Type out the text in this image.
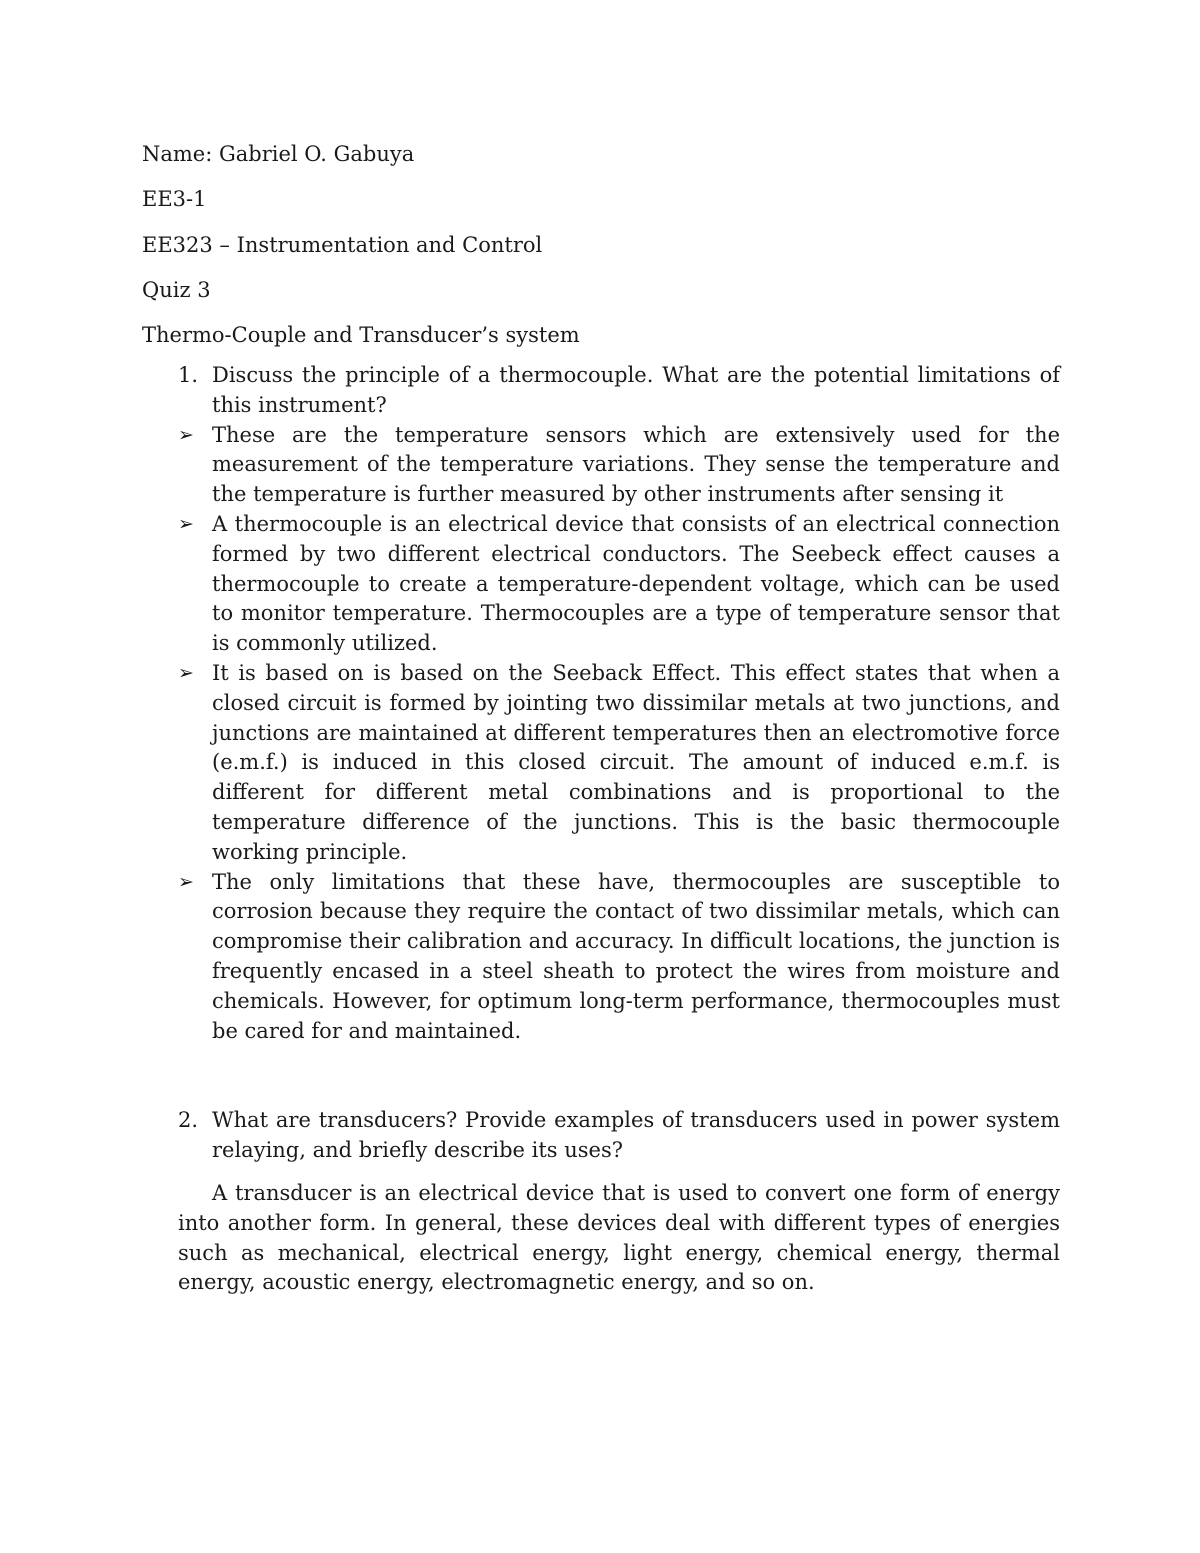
Name: Gabriel O. Gabuya

EE3-1

EE323 – Instrumentation and Control

Quiz 3

Thermo-Couple and Transducer’s system

1. Discuss the principle of a thermocouple. What are the potential limitations of this instrument?
➢ These are the temperature sensors which are extensively used for the measurement of the temperature variations. They sense the temperature and the temperature is further measured by other instruments after sensing it
➢ A thermocouple is an electrical device that consists of an electrical connection formed by two different electrical conductors. The Seebeck effect causes a thermocouple to create a temperature-dependent voltage, which can be used to monitor temperature. Thermocouples are a type of temperature sensor that is commonly utilized.
➢ It is based on is based on the Seeback Effect. This effect states that when a closed circuit is formed by jointing two dissimilar metals at two junctions, and junctions are maintained at different temperatures then an electromotive force (e.m.f.) is induced in this closed circuit. The amount of induced e.m.f. is different for different metal combinations and is proportional to the temperature difference of the junctions. This is the basic thermocouple working principle.
➢ The only limitations that these have, thermocouples are susceptible to corrosion because they require the contact of two dissimilar metals, which can compromise their calibration and accuracy. In difficult locations, the junction is frequently encased in a steel sheath to protect the wires from moisture and chemicals. However, for optimum long-term performance, thermocouples must be cared for and maintained.
2. What are transducers? Provide examples of transducers used in power system relaying, and briefly describe its uses?

A transducer is an electrical device that is used to convert one form of energy into another form. In general, these devices deal with different types of energies such as mechanical, electrical energy, light energy, chemical energy, thermal energy, acoustic energy, electromagnetic energy, and so on.
